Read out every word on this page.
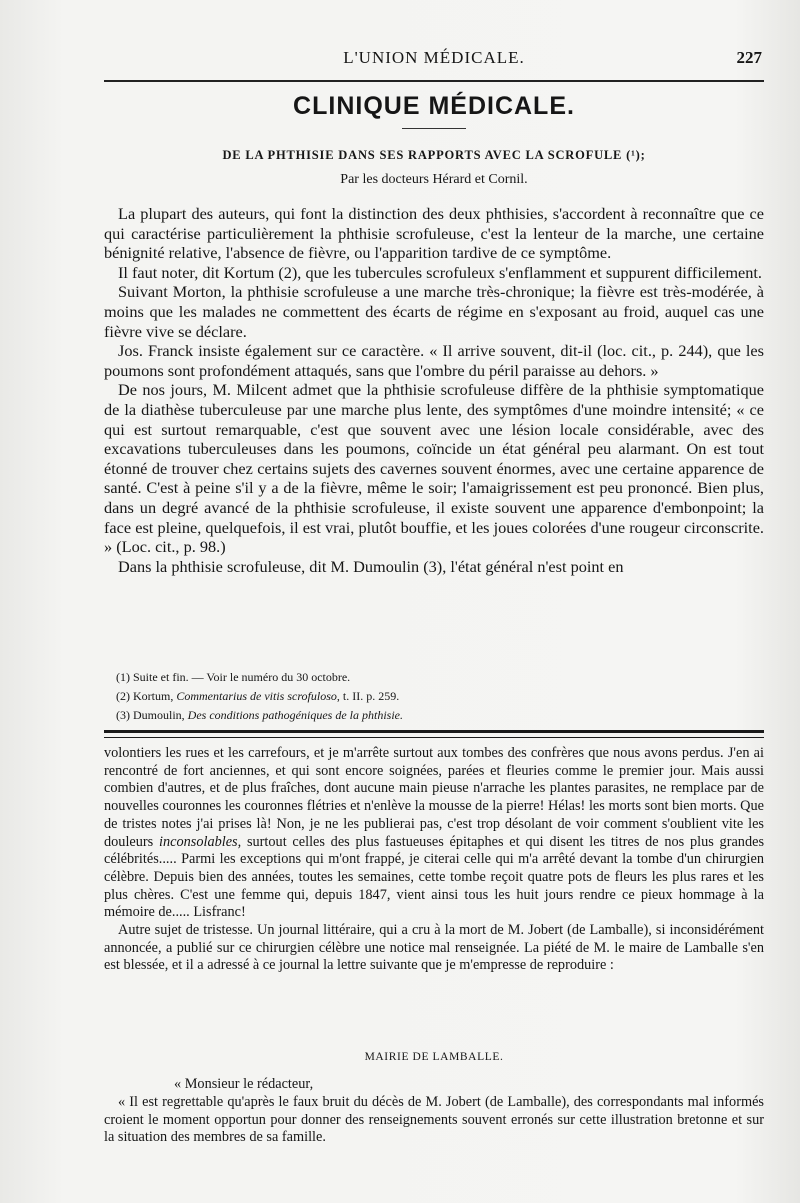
L'UNION MÉDICALE.	227
CLINIQUE MÉDICALE.
DE LA PHTHISIE DANS SES RAPPORTS AVEC LA SCROFULE (¹);
Par les docteurs Hérard et Cornil.

La plupart des auteurs, qui font la distinction des deux phthisies, s'accordent à reconnaître que ce qui caractérise particulièrement la phthisie scrofuleuse, c'est la lenteur de la marche, une certaine bénignité relative, l'absence de fièvre, ou l'apparition tardive de ce symptôme.

Il faut noter, dit Kortum (2), que les tubercules scrofuleux s'enflamment et suppurent difficilement.

Suivant Morton, la phthisie scrofuleuse a une marche très-chronique; la fièvre est très-modérée, à moins que les malades ne commettent des écarts de régime en s'exposant au froid, auquel cas une fièvre vive se déclare.

Jos. Franck insiste également sur ce caractère. « Il arrive souvent, dit-il (loc. cit., p. 244), que les poumons sont profondément attaqués, sans que l'ombre du péril paraisse au dehors. »

De nos jours, M. Milcent admet que la phthisie scrofuleuse diffère de la phthisie symptomatique de la diathèse tuberculeuse par une marche plus lente, des symptômes d'une moindre intensité; « ce qui est surtout remarquable, c'est que souvent avec une lésion locale considérable, avec des excavations tuberculeuses dans les poumons, coïncide un état général peu alarmant. On est tout étonné de trouver chez certains sujets des cavernes souvent énormes, avec une certaine apparence de santé. C'est à peine s'il y a de la fièvre, même le soir; l'amaigrissement est peu prononcé. Bien plus, dans un degré avancé de la phthisie scrofuleuse, il existe souvent une apparence d'embonpoint; la face est pleine, quelquefois, il est vrai, plutôt bouffie, et les joues colorées d'une rougeur circonscrite. » (Loc. cit., p. 98.)

Dans la phthisie scrofuleuse, dit M. Dumoulin (3), l'état général n'est point en

(1) Suite et fin. — Voir le numéro du 30 octobre.
(2) Kortum, Commentarius de vitis scrofuloso, t. II. p. 259.
(3) Dumoulin, Des conditions pathogéniques de la phthisie.

volontiers les rues et les carrefours, et je m'arrête surtout aux tombes des confrères que nous avons perdus. J'en ai rencontré de fort anciennes, et qui sont encore soignées, parées et fleuries comme le premier jour. Mais aussi combien d'autres, et de plus fraîches, dont aucune main pieuse n'arrache les plantes parasites, ne remplace par de nouvelles couronnes les couronnes flétries et n'enlève la mousse de la pierre! Hélas! les morts sont bien morts. Que de tristes notes j'ai prises là! Non, je ne les publierai pas, c'est trop désolant de voir comment s'oublient vite les douleurs inconsolables, surtout celles des plus fastueuses épitaphes et qui disent les titres de nos plus grandes célébrités..... Parmi les exceptions qui m'ont frappé, je citerai celle qui m'a arrêté devant la tombe d'un chirurgien célèbre. Depuis bien des années, toutes les semaines, cette tombe reçoit quatre pots de fleurs les plus rares et les plus chères. C'est une femme qui, depuis 1847, vient ainsi tous les huit jours rendre ce pieux hommage à la mémoire de..... Lisfranc!

Autre sujet de tristesse. Un journal littéraire, qui a cru à la mort de M. Jobert (de Lamballe), si inconsidérément annoncée, a publié sur ce chirurgien célèbre une notice mal renseignée. La piété de M. le maire de Lamballe s'en est blessée, et il a adressé à ce journal la lettre suivante que je m'empresse de reproduire :

MAIRIE DE LAMBALLE.

« Monsieur le rédacteur,

« Il est regrettable qu'après le faux bruit du décès de M. Jobert (de Lamballe), des correspondants mal informés croient le moment opportun pour donner des renseignements souvent erronés sur cette illustration bretonne et sur la situation des membres de sa famille.
